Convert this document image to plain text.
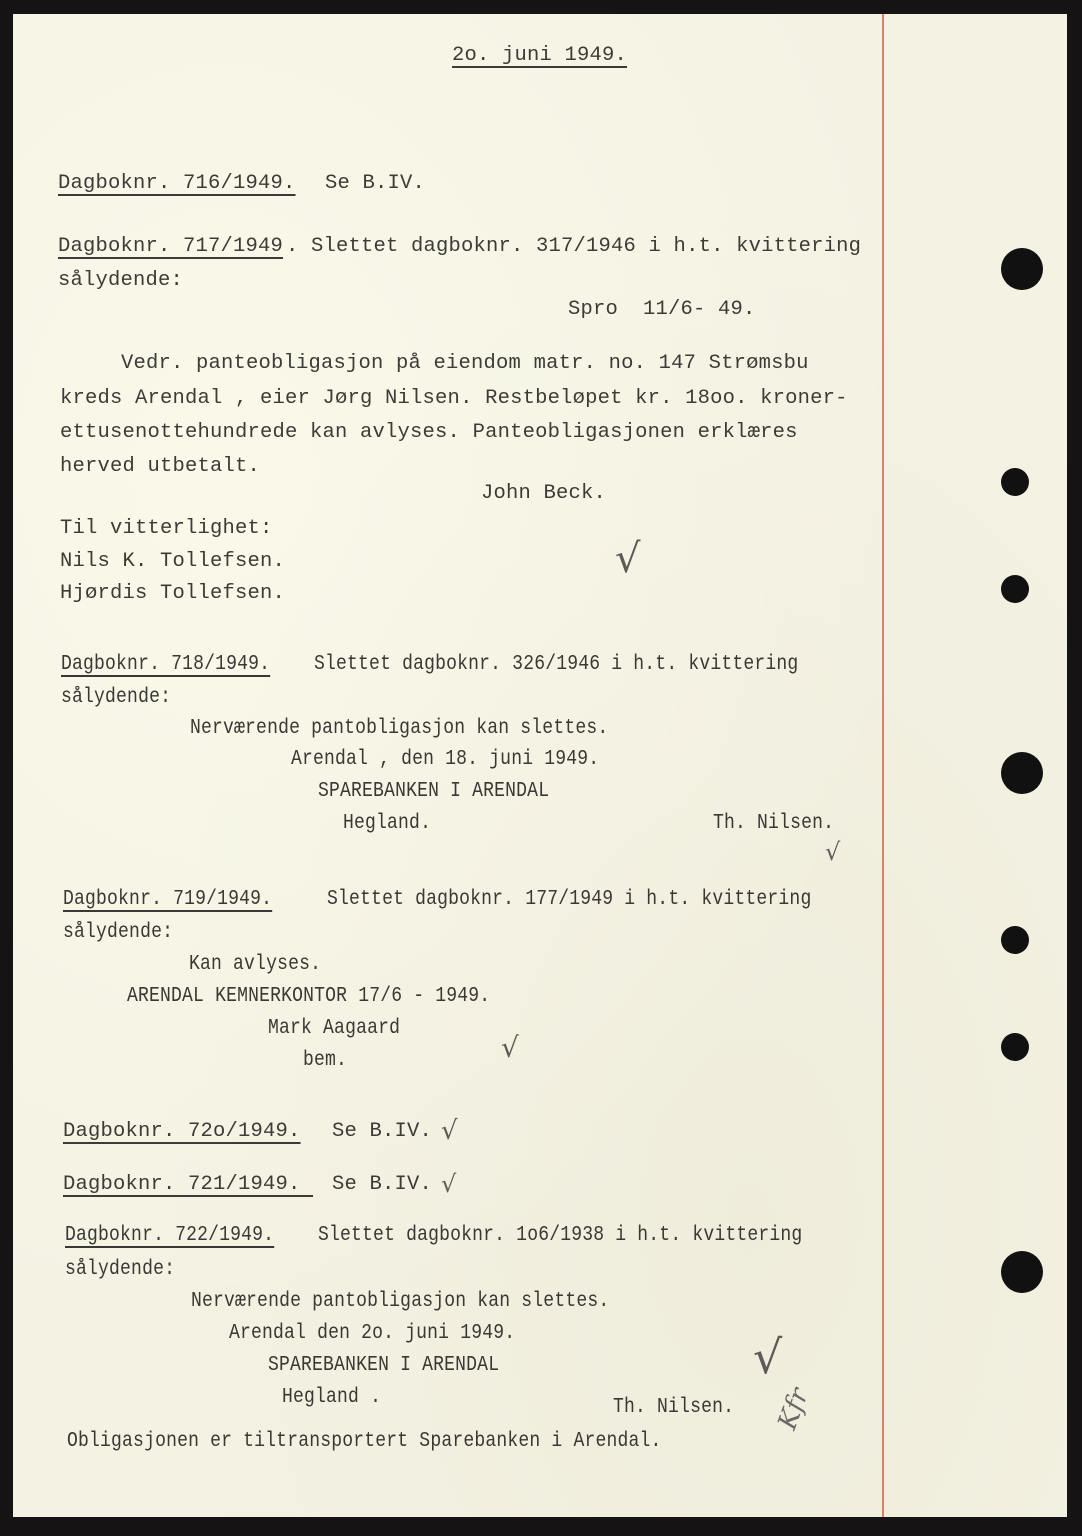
2o. juni 1949.
Dagboknr. 716/1949. Se B.IV.
Dagboknr. 717/1949 . Slettet dagboknr. 317/1946 i h.t. kvittering
sålydende:
Spro  11/6- 49.
Vedr. panteobligasjon på eiendom matr. no. 147 Strømsbu
kreds Arendal , eier Jørg Nilsen. Restbeløpet kr. 18oo. kroner-
ettusenottehundrede kan avlyses. Panteobligasjonen erklæres
herved utbetalt.
John Beck.
Til vitterlighet:
Nils K. Tollefsen.
Hjørdis Tollefsen.
√
Dagboknr. 718/1949. Slettet dagboknr. 326/1946 i h.t. kvittering
sålydende:
Nerværende pantobligasjon kan slettes.
Arendal , den 18. juni 1949.
SPAREBANKEN I ARENDAL
Hegland.	Th. Nilsen.
√
Dagboknr. 719/1949. Slettet dagboknr. 177/1949 i h.t. kvittering
sålydende:
Kan avlyses.
ARENDAL KEMNERKONTOR 17/6 - 1949.
Mark Aagaard
bem.	√
Dagboknr. 72o/1949. Se B.IV. √
Dagboknr. 721/1949. Se B.IV. √
Dagboknr. 722/1949. Slettet dagboknr. 1o6/1938 i h.t. kvittering
sålydende:
Nerværende pantobligasjon kan slettes.
Arendal den 2o. juni 1949.
SPAREBANKEN I ARENDAL
Hegland .	Th. Nilsen.
Obligasjonen er tiltransportert Sparebanken i Arendal.
√
Kfr
